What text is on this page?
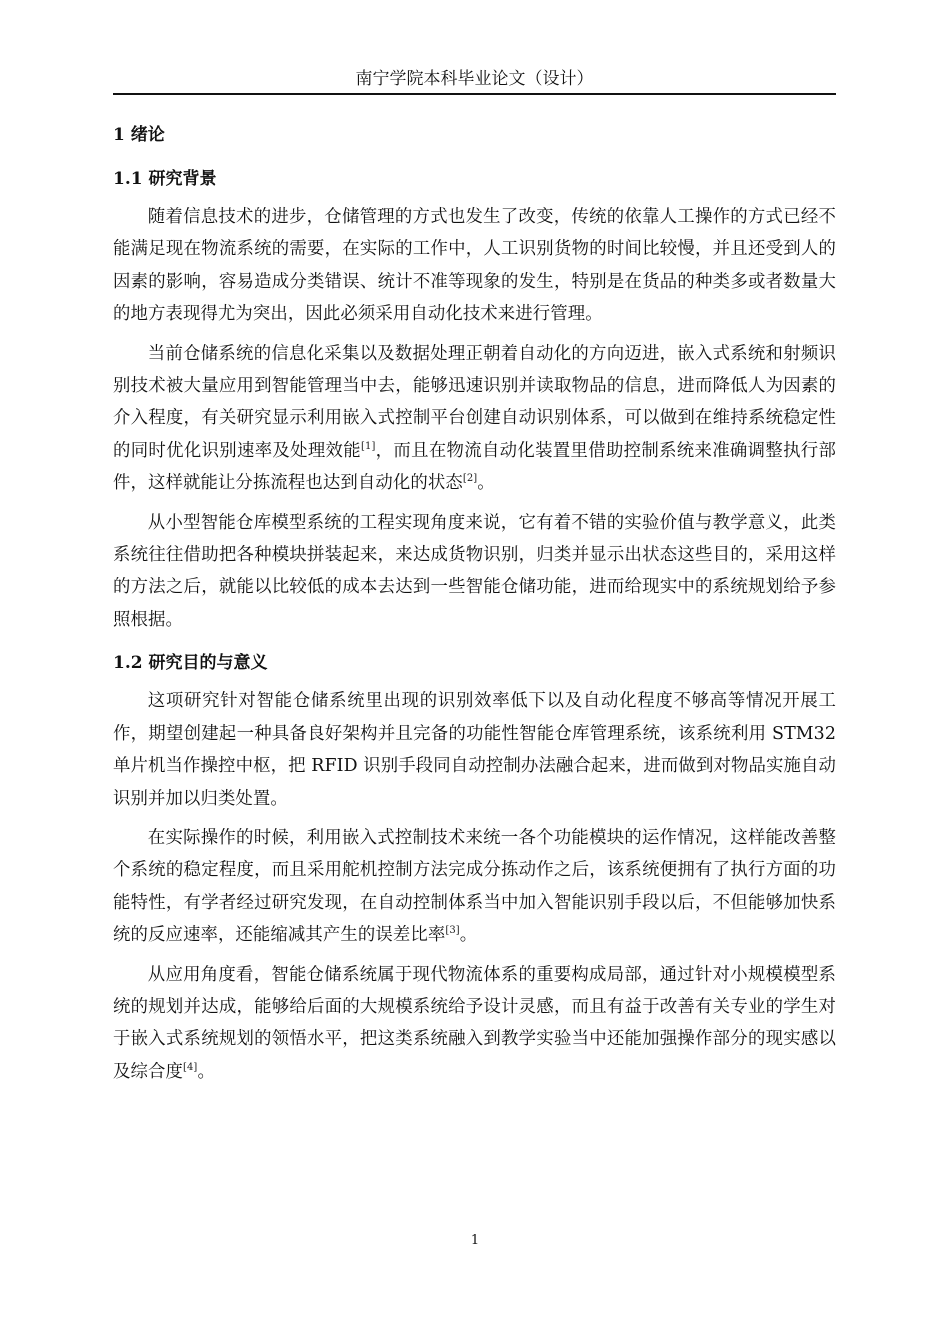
南宁学院本科毕业论文（设计）
1 绪论
1.1 研究背景

随着信息技术的进步，仓储管理的方式也发生了改变，传统的依靠人工操作的方式已经不能满足现在物流系统的需要，在实际的工作中，人工识别货物的时间比较慢，并且还受到人的因素的影响，容易造成分类错误、统计不准等现象的发生，特别是在货品的种类多或者数量大的地方表现得尤为突出，因此必须采用自动化技术来进行管理。

当前仓储系统的信息化采集以及数据处理正朝着自动化的方向迈进，嵌入式系统和射频识别技术被大量应用到智能管理当中去，能够迅速识别并读取物品的信息，进而降低人为因素的介入程度，有关研究显示利用嵌入式控制平台创建自动识别体系，可以做到在维持系统稳定性的同时优化识别速率及处理效能[1]，而且在物流自动化装置里借助控制系统来准确调整执行部件，这样就能让分拣流程也达到自动化的状态[2]。

从小型智能仓库模型系统的工程实现角度来说，它有着不错的实验价值与教学意义，此类系统往往借助把各种模块拼装起来，来达成货物识别，归类并显示出状态这些目的，采用这样的方法之后，就能以比较低的成本去达到一些智能仓储功能，进而给现实中的系统规划给予参照根据。

1.2 研究目的与意义

这项研究针对智能仓储系统里出现的识别效率低下以及自动化程度不够高等情况开展工作，期望创建起一种具备良好架构并且完备的功能性智能仓库管理系统，该系统利用 STM32 单片机当作操控中枢，把 RFID 识别手段同自动控制办法融合起来，进而做到对物品实施自动识别并加以归类处置。

在实际操作的时候，利用嵌入式控制技术来统一各个功能模块的运作情况，这样能改善整个系统的稳定程度，而且采用舵机控制方法完成分拣动作之后，该系统便拥有了执行方面的功能特性，有学者经过研究发现，在自动控制体系当中加入智能识别手段以后，不但能够加快系统的反应速率，还能缩减其产生的误差比率[3]。

从应用角度看，智能仓储系统属于现代物流体系的重要构成局部，通过针对小规模模型系统的规划并达成，能够给后面的大规模系统给予设计灵感，而且有益于改善有关专业的学生对于嵌入式系统规划的领悟水平，把这类系统融入到教学实验当中还能加强操作部分的现实感以及综合度[4]。

1
